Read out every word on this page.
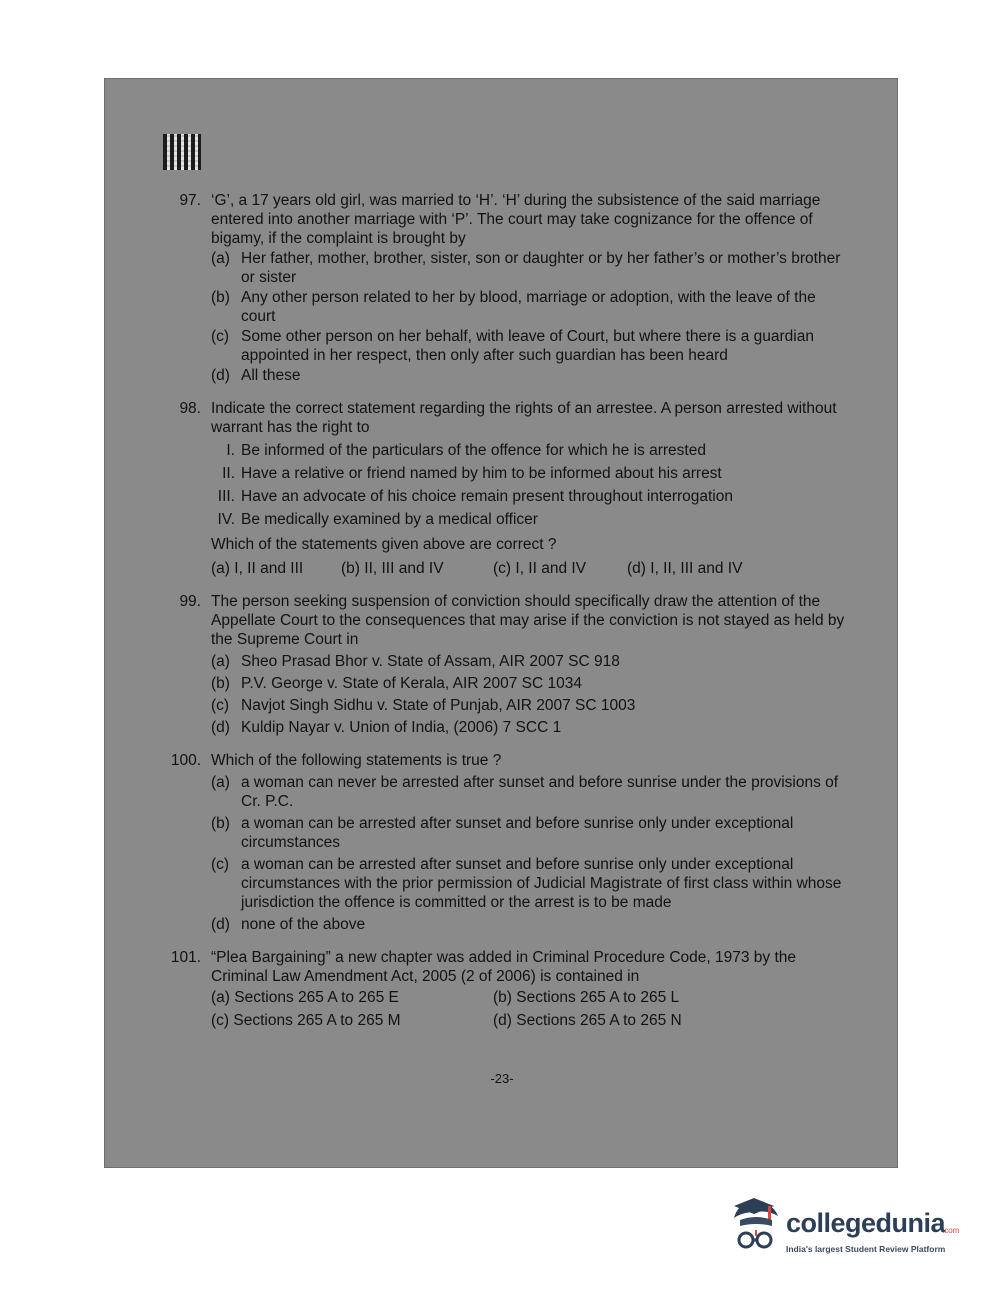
97. ‘G’, a 17 years old girl, was married to ‘H’. ‘H’ during the subsistence of the said marriage entered into another marriage with ‘P’. The court may take cognizance for the offence of bigamy, if the complaint is brought by
(a) Her father, mother, brother, sister, son or daughter or by her father’s or mother’s brother or sister
(b) Any other person related to her by blood, marriage or adoption, with the leave of the court
(c) Some other person on her behalf, with leave of Court, but where there is a guardian appointed in her respect, then only after such guardian has been heard
(d) All these
98. Indicate the correct statement regarding the rights of an arrestee. A person arrested without warrant has the right to
I. Be informed of the particulars of the offence for which he is arrested
II. Have a relative or friend named by him to be informed about his arrest
III. Have an advocate of his choice remain present throughout interrogation
IV. Be medically examined by a medical officer
Which of the statements given above are correct ?
(a) I, II and III	(b) II, III and IV	(c) I, II and IV	(d) I, II, III and IV
99. The person seeking suspension of conviction should specifically draw the attention of the Appellate Court to the consequences that may arise if the conviction is not stayed as held by the Supreme Court in
(a) Sheo Prasad Bhor v. State of Assam, AIR 2007 SC 918
(b) P.V. George v. State of Kerala, AIR 2007 SC 1034
(c) Navjot Singh Sidhu v. State of Punjab, AIR 2007 SC 1003
(d) Kuldip Nayar v. Union of India, (2006) 7 SCC 1
100. Which of the following statements is true ?
(a) a woman can never be arrested after sunset and before sunrise under the provisions of Cr. P.C.
(b) a woman can be arrested after sunset and before sunrise only under exceptional circumstances
(c) a woman can be arrested after sunset and before sunrise only under exceptional circumstances with the prior permission of Judicial Magistrate of first class within whose jurisdiction the offence is committed or the arrest is to be made
(d) none of the above
101. “Plea Bargaining” a new chapter was added in Criminal Procedure Code, 1973 by the Criminal Law Amendment Act, 2005 (2 of 2006) is contained in
(a) Sections 265 A to 265 E	(b) Sections 265 A to 265 L
(c) Sections 265 A to 265 M	(d) Sections 265 A to 265 N
-23-
collegedunia
.com
India's largest Student Review Platform
